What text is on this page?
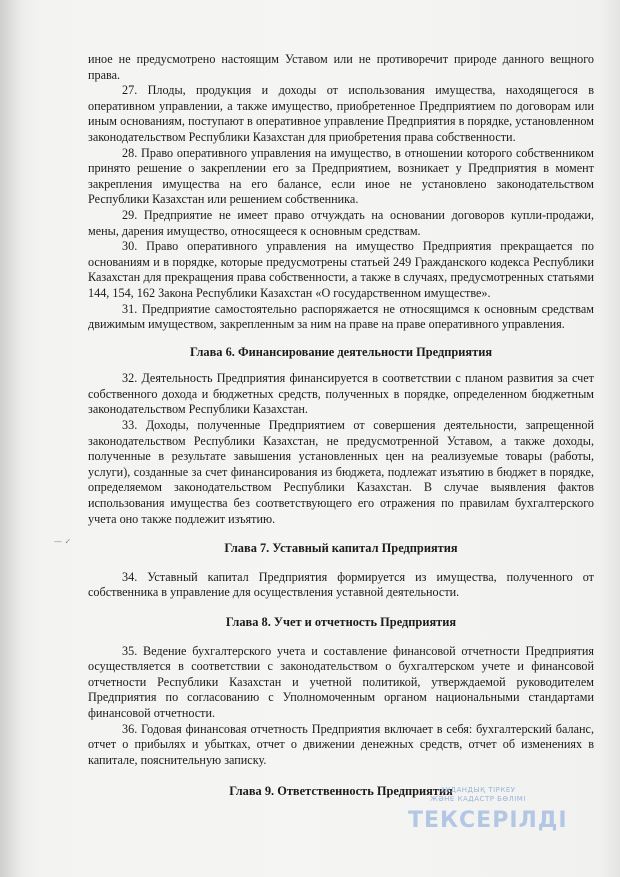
иное не предусмотрено настоящим Уставом или не противоречит природе данного вещного права.

27. Плоды, продукция и доходы от использования имущества, находящегося в оперативном управлении, а также имущество, приобретенное Предприятием по договорам или иным основаниям, поступают в оперативное управление Предприятия в порядке, установленном законодательством Республики Казахстан для приобретения права собственности.

28. Право оперативного управления на имущество, в отношении которого собственником принято решение о закреплении его за Предприятием, возникает у Предприятия в момент закрепления имущества на его балансе, если иное не установлено законодательством Республики Казахстан или решением собственника.

29. Предприятие не имеет право отчуждать на основании договоров купли-продажи, мены, дарения имущество, относящееся к основным средствам.

30. Право оперативного управления на имущество Предприятия прекращается по основаниям и в порядке, которые предусмотрены статьей 249 Гражданского кодекса Республики Казахстан для прекращения права собственности, а также в случаях, предусмотренных статьями 144, 154, 162 Закона Республики Казахстан «О государственном имуществе».

31. Предприятие самостоятельно распоряжается не относящимся к основным средствам движимым имуществом, закрепленным за ним на праве на праве оперативного управления.

Глава 6. Финансирование деятельности Предприятия

32. Деятельность Предприятия финансируется в соответствии с планом развития за счет собственного дохода и бюджетных средств, полученных в порядке, определенном бюджетным законодательством Республики Казахстан.

33. Доходы, полученные Предприятием от совершения деятельности, запрещенной законодательством Республики Казахстан, не предусмотренной Уставом, а также доходы, полученные в результате завышения установленных цен на реализуемые товары (работы, услуги), созданные за счет финансирования из бюджета, подлежат изъятию в бюджет в порядке, определяемом законодательством Республики Казахстан. В случае выявления фактов использования имущества без соответствующего его отражения по правилам бухгалтерского учета оно также подлежит изъятию.

Глава 7. Уставный капитал Предприятия

34. Уставный капитал Предприятия формируется из имущества, полученного от собственника в управление для осуществления уставной деятельности.

Глава 8. Учет и отчетность Предприятия

35. Ведение бухгалтерского учета и составление финансовой отчетности Предприятия осуществляется в соответствии с законодательством о бухгалтерском учете и финансовой отчетности Республики Казахстан и учетной политикой, утверждаемой руководителем Предприятия по согласованию с Уполномоченным органом национальными стандартами финансовой отчетности.

36. Годовая финансовая отчетность Предприятия включает в себя: бухгалтерский баланс, отчет о прибылях и убытках, отчет о движении денежных средств, отчет об изменениях в капитале, пояснительную записку.

Глава 9. Ответственность Предприятия
— ✓
АУДАНДЫҚ ТІРКЕУ
ЖӘНЕ КАДАСТР БӨЛІМІ
ТЕКСЕРІЛДІ
